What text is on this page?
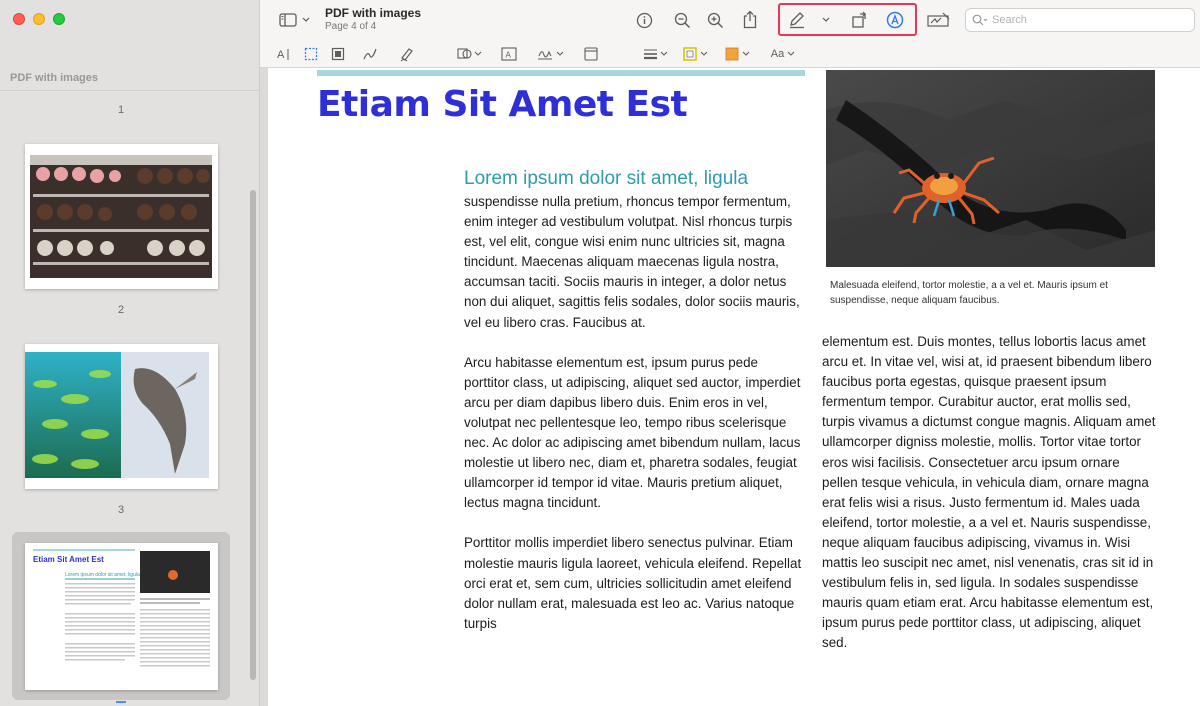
PDF with images
1
2
3
Etiam Sit Amet Est
Lorem ipsum dolor sit amet, ligula
PDF with images
Page 4 of 4
Search
A	A	Aa
Etiam Sit Amet Est
Lorem ipsum dolor sit amet, ligula

suspendisse nulla pretium, rhoncus tempor fermentum, enim integer ad vestibulum volutpat. Nisl rhoncus turpis est, vel elit, congue wisi enim nunc ultricies sit, magna tincidunt. Maecenas aliquam maecenas ligula nostra, accumsan taciti. Sociis mauris in integer, a dolor netus non dui aliquet, sagittis felis sodales, dolor sociis mauris, vel eu libero cras. Faucibus at.

Arcu habitasse elementum est, ipsum purus pede porttitor class, ut adipiscing, aliquet sed auctor, imperdiet arcu per diam dapibus libero duis. Enim eros in vel, volutpat nec pellentesque leo, tempo ribus scelerisque nec. Ac dolor ac adipiscing amet bibendum nullam, lacus molestie ut libero nec, diam et, pharetra sodales, feugiat ullamcorper id tempor id vitae. Mauris pretium aliquet, lectus magna tincidunt.

Porttitor mollis imperdiet libero senectus pulvinar. Etiam molestie mauris ligula laoreet, vehicula eleifend. Repellat orci erat et, sem cum, ultricies sollicitudin amet eleifend dolor nullam erat, malesuada est leo ac. Varius natoque turpis

Malesuada eleifend, tortor molestie, a a vel et. Mauris ipsum et suspendisse, neque aliquam faucibus.

elementum est. Duis montes, tellus lobortis lacus amet arcu et. In vitae vel, wisi at, id praesent bibendum libero faucibus porta egestas, quisque praesent ipsum fermentum tempor. Curabitur auctor, erat mollis sed, turpis vivamus a dictumst congue magnis. Aliquam amet ullamcorper digniss molestie, mollis. Tortor vitae tortor eros wisi facilisis. Consectetuer arcu ipsum ornare pellen tesque vehicula, in vehicula diam, ornare magna erat felis wisi a risus. Justo fermentum id. Males uada eleifend, tortor molestie, a a vel et. Nauris suspendisse, neque aliquam faucibus adipiscing, vivamus in. Wisi mattis leo suscipit nec amet, nisl venenatis, cras sit id in vestibulum felis in, sed ligula. In sodales suspendisse mauris quam etiam erat. Arcu habitasse elementum est, ipsum purus pede porttitor class, ut adipiscing, aliquet sed.
